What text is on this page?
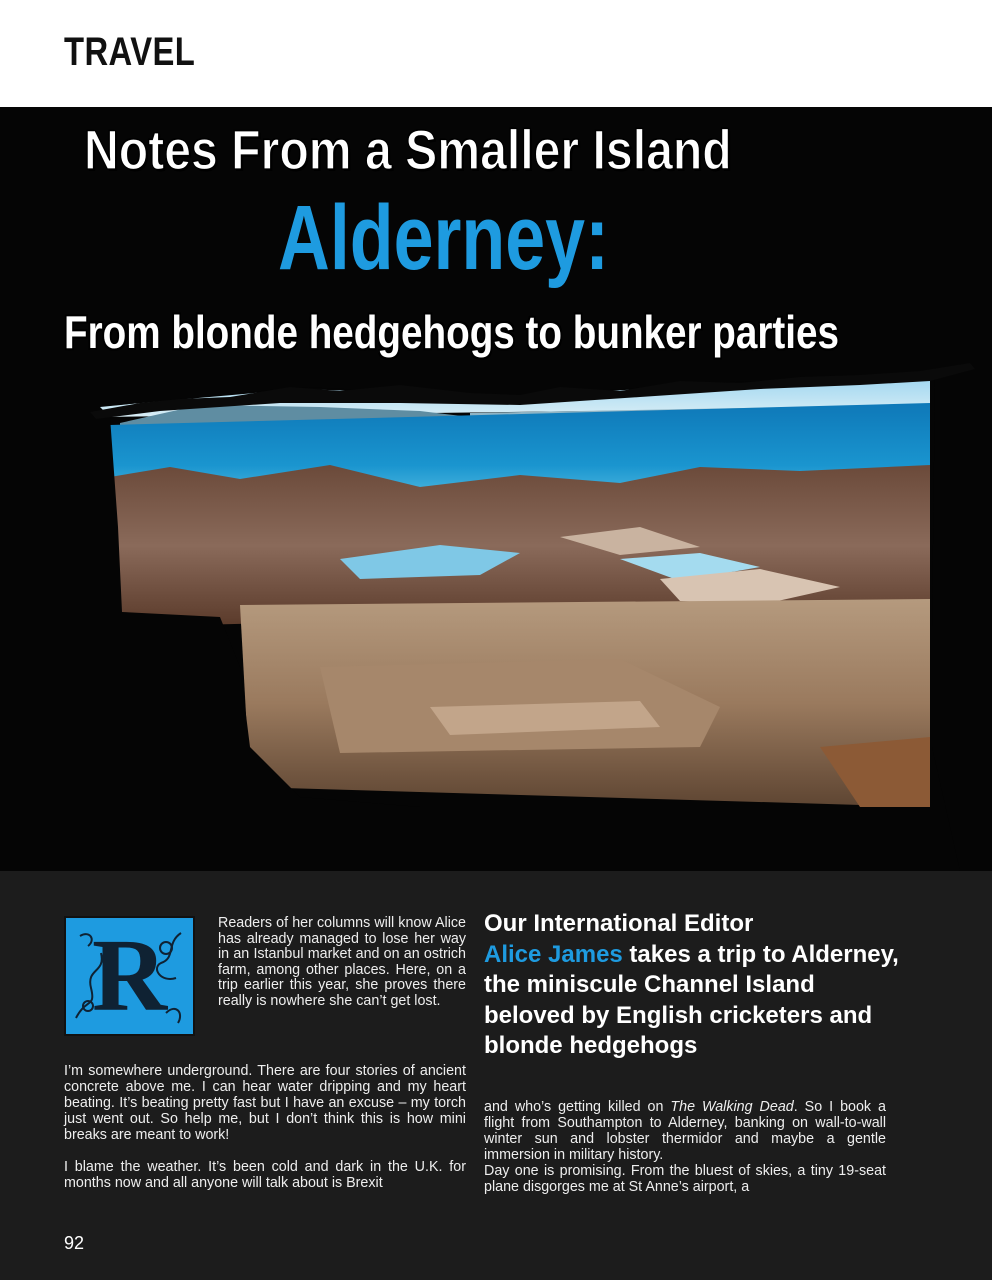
TRAVEL
Notes From a Smaller Island
Alderney:
From blonde hedgehogs to bunker parties
R	Readers of her columns will know Alice has already managed to lose her way in an Istanbul market and on an ostrich farm, among other places. Here, on a trip earlier this year, she proves there really is nowhere she can’t get lost.
Our International Editor
Alice James takes a trip to Alderney, the miniscule Channel Island beloved by English cricketers and blonde hedgehogs

I’m somewhere underground. There are four stories of ancient concrete above me. I can hear water dripping and my heart beating. It’s beating pretty fast but I have an excuse – my torch just went out. So help me, but I don’t think this is how mini breaks are meant to work!

I blame the weather. It’s been cold and dark in the U.K. for months now and all anyone will talk about is Brexit

and who’s getting killed on The Walking Dead. So I book a flight from Southampton to Alderney, banking on wall-to-wall winter sun and lobster thermidor and maybe a gentle immersion in military history.

Day one is promising. From the bluest of skies, a tiny 19-seat plane disgorges me at St Anne’s airport, a

92
